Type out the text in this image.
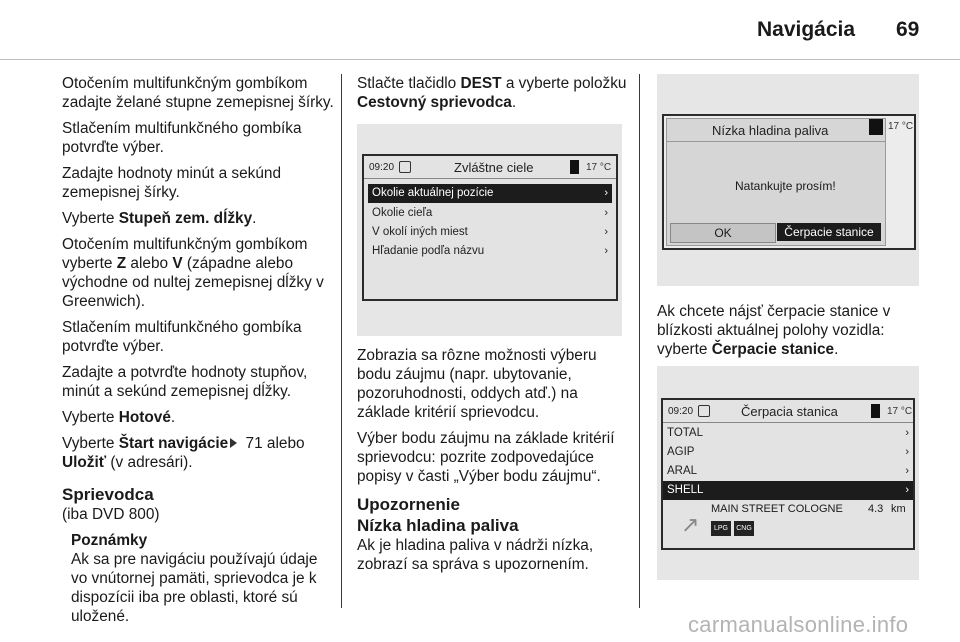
Navigácia 69

Otočením multifunkčným gombíkom zadajte želané stupne zemepisnej šírky.

Stlačením multifunkčného gombíka potvrďte výber.

Zadajte hodnoty minút a sekúnd zemepisnej šírky.

Vyberte Stupeň zem. dĺžky.

Otočením multifunkčným gombíkom vyberte Z alebo V (západne alebo východne od nultej zemepisnej dĺžky v Greenwich).

Stlačením multifunkčného gombíka potvrďte výber.

Zadajte a potvrďte hodnoty stupňov, minút a sekúnd zemepisnej dĺžky.

Vyberte Hotové.

Vyberte Štart navigácie 71 alebo Uložiť (v adresári).

Sprievodca

(iba DVD 800)

Poznámky
Ak sa pre navigáciu používajú údaje vo vnútornej pamäti, sprievodca je k dispozícii iba pre oblasti, ktoré sú uložené.

Stlačte tlačidlo DEST a vyberte položku Cestovný sprievodca.

09:20	Zvláštne ciele	17 °C
Okolie aktuálnej pozície	›
Okolie cieľa	›
V okolí iných miest	›
Hľadanie podľa názvu	›

Zobrazia sa rôzne možnosti výberu bodu záujmu (napr. ubytovanie, pozoruhodnosti, oddych atď.) na základe kritérií sprievodcu.

Výber bodu záujmu na základe kritérií sprievodcu: pozrite zodpovedajúce popisy v časti „Výber bodu záujmu“.

Upozornenie
Nízka hladina paliva

Ak je hladina paliva v nádrži nízka, zobrazí sa správa s upozornením.

Nízka hladina paliva
Natankujte prosím!
OK	Čerpacie stanice
17 °C

Ak chcete nájsť čerpacie stanice v blízkosti aktuálnej polohy vozidla: vyberte Čerpacie stanice.

09:20	Čerpacia stanica	17 °C
TOTAL	›
AGIP	›
ARAL	›
SHELL	›
↗
MAIN STREET COLOGNE 4.3 km
LPG	CNG
carmanualsonline.info
